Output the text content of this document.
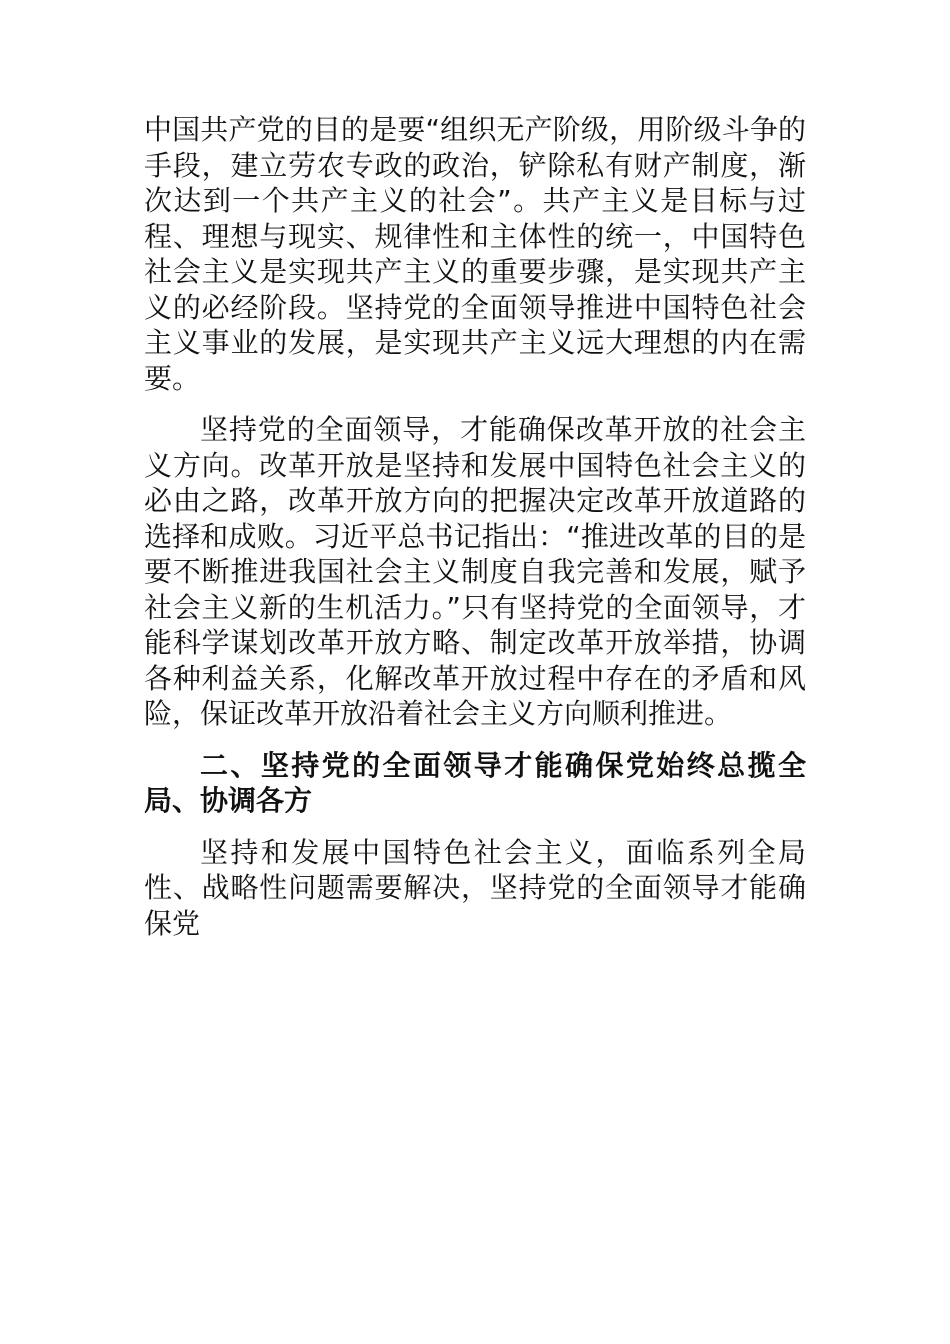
中国共产党的目的是要“组织无产阶级，用阶级斗争的手段，建立劳农专政的政治，铲除私有财产制度，渐次达到一个共产主义的社会”。共产主义是目标与过程、理想与现实、规律性和主体性的统一，中国特色社会主义是实现共产主义的重要步骤，是实现共产主义的必经阶段。坚持党的全面领导推进中国特色社会主义事业的发展，是实现共产主义远大理想的内在需要。

坚持党的全面领导，才能确保改革开放的社会主义方向。改革开放是坚持和发展中国特色社会主义的必由之路，改革开放方向的把握决定改革开放道路的选择和成败。习近平总书记指出：“推进改革的目的是要不断推进我国社会主义制度自我完善和发展，赋予社会主义新的生机活力。”只有坚持党的全面领导，才能科学谋划改革开放方略、制定改革开放举措，协调各种利益关系，化解改革开放过程中存在的矛盾和风险，保证改革开放沿着社会主义方向顺利推进。

二、坚持党的全面领导才能确保党始终总揽全局、协调各方

坚持和发展中国特色社会主义，面临系列全局性、战略性问题需要解决，坚持党的全面领导才能确保党
